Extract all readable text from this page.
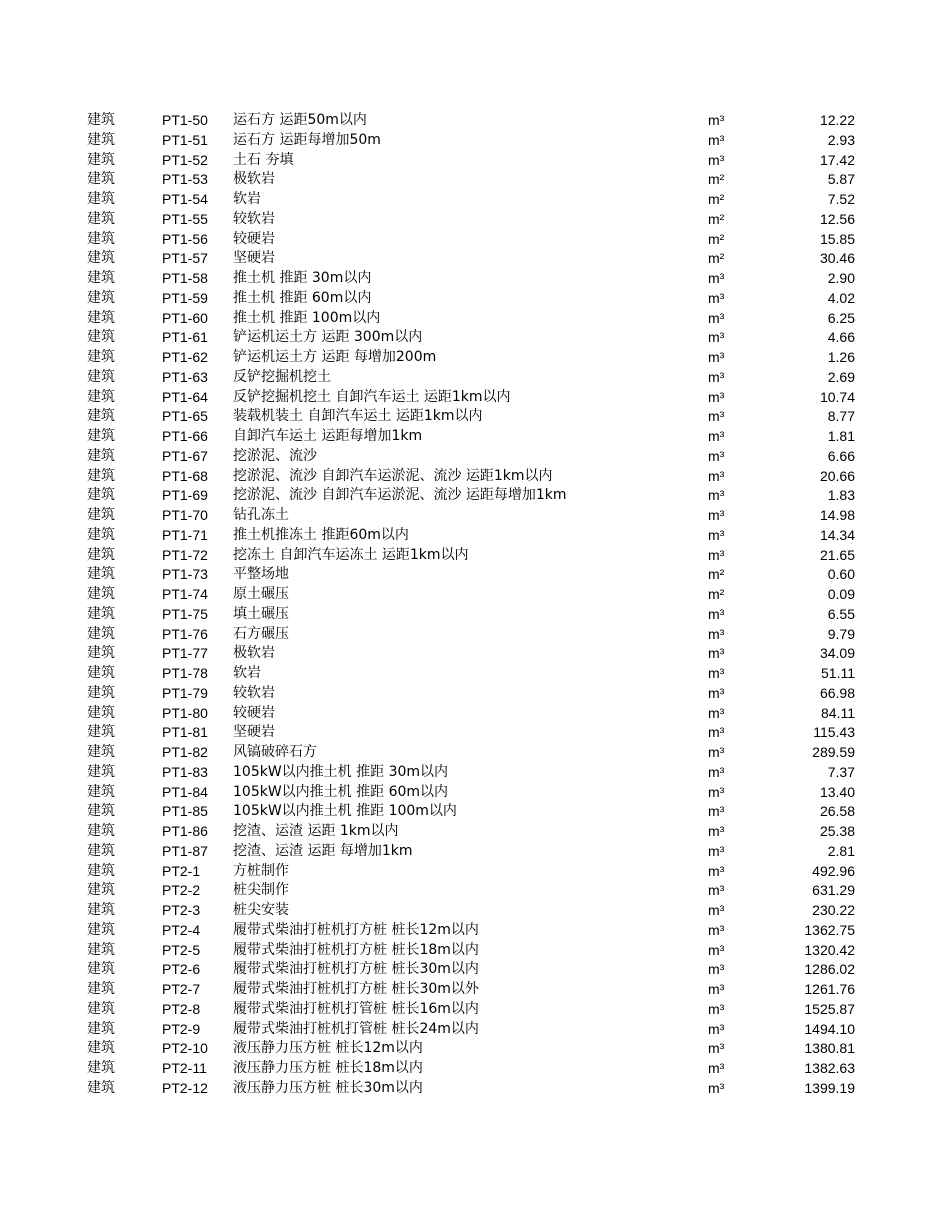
建筑	PT1-50 运石方 运距50m以内	m³	12.22
建筑	PT1-51 运石方 运距每增加50m	m³	2.93
建筑	PT1-52 土石 夯填	m³	17.42
建筑	PT1-53 极软岩	m²	5.87
建筑	PT1-54 软岩	m²	7.52
建筑	PT1-55 较软岩	m²	12.56
建筑	PT1-56 较硬岩	m²	15.85
建筑	PT1-57 坚硬岩	m²	30.46
建筑	PT1-58 推土机 推距 30m以内	m³	2.90
建筑	PT1-59 推土机 推距 60m以内	m³	4.02
建筑	PT1-60 推土机 推距 100m以内	m³	6.25
建筑	PT1-61 铲运机运土方 运距 300m以内	m³	4.66
建筑	PT1-62 铲运机运土方 运距 每增加200m	m³	1.26
建筑	PT1-63 反铲挖掘机挖土	m³	2.69
建筑	PT1-64 反铲挖掘机挖土 自卸汽车运土 运距1km以内	m³	10.74
建筑	PT1-65 装载机装土 自卸汽车运土 运距1km以内	m³	8.77
建筑	PT1-66 自卸汽车运土 运距每增加1km	m³	1.81
建筑	PT1-67 挖淤泥、流沙	m³	6.66
建筑	PT1-68 挖淤泥、流沙 自卸汽车运淤泥、流沙 运距1km以内	m³	20.66
建筑	PT1-69 挖淤泥、流沙 自卸汽车运淤泥、流沙 运距每增加1km	m³	1.83
建筑	PT1-70 钻孔冻土	m³	14.98
建筑	PT1-71 推土机推冻土 推距60m以内	m³	14.34
建筑	PT1-72 挖冻土 自卸汽车运冻土 运距1km以内	m³	21.65
建筑	PT1-73 平整场地	m²	0.60
建筑	PT1-74 原土碾压	m²	0.09
建筑	PT1-75 填土碾压	m³	6.55
建筑	PT1-76 石方碾压	m³	9.79
建筑	PT1-77 极软岩	m³	34.09
建筑	PT1-78 软岩	m³	51.11
建筑	PT1-79 较软岩	m³	66.98
建筑	PT1-80 较硬岩	m³	84.11
建筑	PT1-81 坚硬岩	m³	115.43
建筑	PT1-82 风镐破碎石方	m³	289.59
建筑	PT1-83 105kW以内推土机 推距 30m以内	m³	7.37
建筑	PT1-84 105kW以内推土机 推距 60m以内	m³	13.40
建筑	PT1-85 105kW以内推土机 推距 100m以内	m³	26.58
建筑	PT1-86 挖渣、运渣 运距 1km以内	m³	25.38
建筑	PT1-87 挖渣、运渣 运距 每增加1km	m³	2.81
建筑	PT2-1 方桩制作	m³	492.96
建筑	PT2-2 桩尖制作	m³	631.29
建筑	PT2-3 桩尖安装	m³	230.22
建筑	PT2-4 履带式柴油打桩机打方桩 桩长12m以内	m³	1362.75
建筑	PT2-5 履带式柴油打桩机打方桩 桩长18m以内	m³	1320.42
建筑	PT2-6 履带式柴油打桩机打方桩 桩长30m以内	m³	1286.02
建筑	PT2-7 履带式柴油打桩机打方桩 桩长30m以外	m³	1261.76
建筑	PT2-8 履带式柴油打桩机打管桩 桩长16m以内	m³	1525.87
建筑	PT2-9 履带式柴油打桩机打管桩 桩长24m以内	m³	1494.10
建筑	PT2-10 液压静力压方桩 桩长12m以内	m³	1380.81
建筑	PT2-11 液压静力压方桩 桩长18m以内	m³	1382.63
建筑	PT2-12 液压静力压方桩 桩长30m以内	m³	1399.19
